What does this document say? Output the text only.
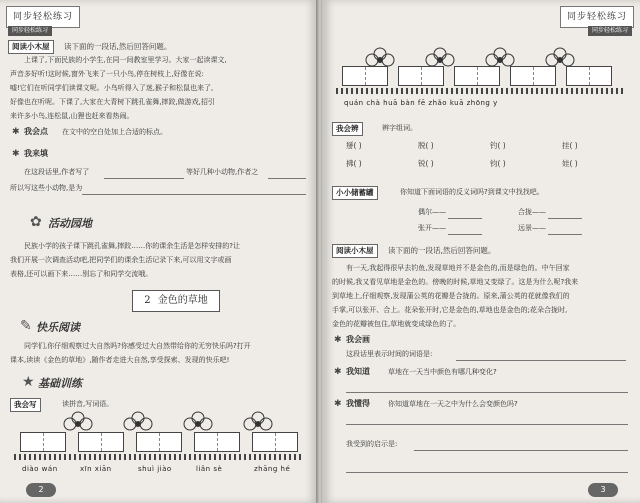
同步轻松练习
同步轻松练习
阅读小木屋	读下面的一段话,然后回答问题。
上课了,下面民族的小学生,在同一间教室里学习。大家一起读课文,
声音多好听!这时候,窗外飞来了一只小鸟,停在树枝上,好像在说:
嘘!它们在听同学们读课文呢。小鸟听得入了迷,猴子和松鼠也来了,
好像也在听呢。下课了,大家在大青树下跳孔雀舞,摔跤,做游戏,招引
来许多小鸟,连松鼠,山狸也赶来看热闹。
✱ 我会点 在文中的空白处加上合适的标点。
✱ 我来填
在这段话里,作者写了	等好几种小动物,作者之
所以写这些小动物,是为
✿ 活动园地
民族小学的孩子课下跳孔雀舞,摔跤……你的课余生活是怎样安排的?让
我们开展一次调查活动吧,把同学们的课余生活记录下来,可以用文字或画
表格,还可以画下来……别忘了和同学交流哦。
2 金色的草地
✎ 快乐阅读
同学们,你仔细观察过大自然吗?你感受过大自然带给你的无穷快乐吗?打开
课本,读读《金色的草地》,随作者走进大自然,享受探索、发现的快乐吧!
★ 基础训练
我会写	读拼音,写词语。
diào wán	xīn xiān	shuì jiào	liǎn sè	zhāng hé
2
同步轻松练习
同步轻松练习
quán chà huā bàn fē zhǎo kuā zhōng y
我会辨	辨字组词。
掰( )	脱( )	钓( )	挂( )
拂( )	锐( )	钧( )	娃( )
小小储蓄罐	你知道下面词语的反义词吗?到课文中找找吧。
偶尔——	合拢——
张开——	远景——
阅读小木屋	读下面的一段话,然后回答问题。
有一天,我起得很早去钓鱼,发现草地并不是金色的,而是绿色的。中午回家
的时候,我又看见草地是金色的。傍晚的时候,草地又变绿了。这是为什么呢?我来
到草地上,仔细观察,发现蒲公英的花瓣是合拢的。原来,蒲公英的花就像我们的
手掌,可以张开、合上。花朵张开时,它是金色的,草地也是金色的;花朵合拢时,
金色的花瓣被包住,草地就变成绿色的了。
✱ 我会画
这段话里表示时间的词语是:
✱ 我知道	草地在一天当中颜色有哪几种变化?
✱ 我懂得	你知道草地在一天之中为什么会变颜色吗?
我受到的启示是:
3
